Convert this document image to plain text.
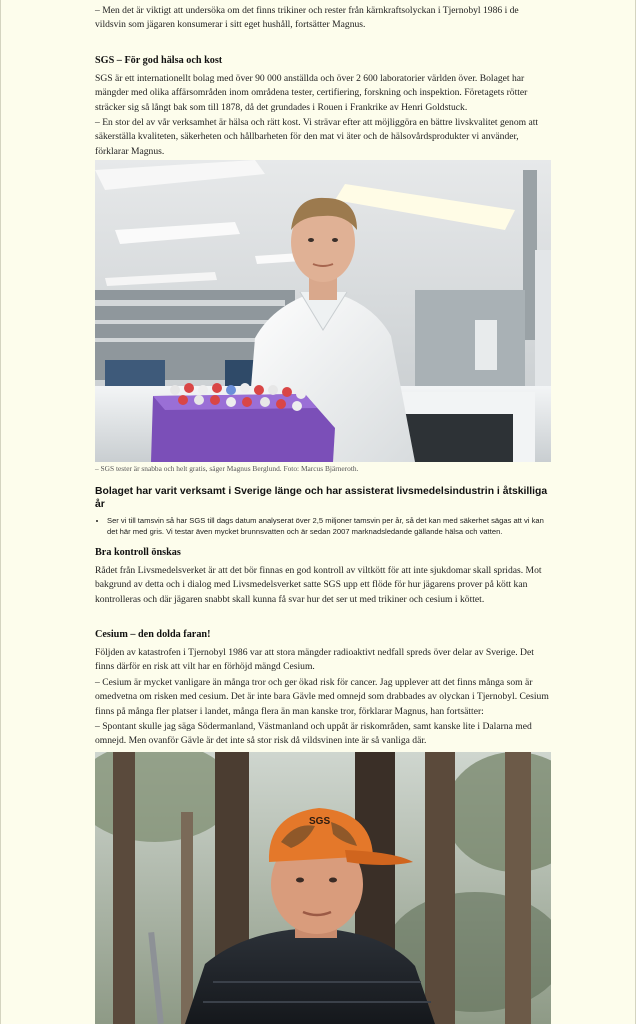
– Men det är viktigt att undersöka om det finns trikiner och rester från kärnkraftsolyckan i Tjernobyl 1986 i de vildsvin som jägaren konsumerar i sitt eget hushåll, fortsätter Magnus.

SGS – För god hälsa och kost

SGS är ett internationellt bolag med över 90 000 anställda och över 2 600 laboratorier världen över. Bolaget har mängder med olika affärsområden inom områdena tester, certifiering, forskning och inspektion. Företagets rötter sträcker sig så långt bak som till 1878, då det grundades i Rouen i Frankrike av Henri Goldstuck.

– En stor del av vår verksamhet är hälsa och rätt kost. Vi strävar efter att möjliggöra en bättre livskvalitet genom att säkerställa kvaliteten, säkerheten och hållbarheten för den mat vi äter och de hälsovårdsprodukter vi använder, förklarar Magnus.

– SGS tester är snabba och helt gratis, säger Magnus Berglund. Foto: Marcus Bjärneroth.

Bolaget har varit verksamt i Sverige länge och har assisterat livsmedelsindustrin i åtskilliga år

• Ser vi till tamsvin så har SGS till dags datum analyserat över 2,5 miljoner tamsvin per år, så det kan med säkerhet sägas att vi kan det här med gris. Vi testar även mycket brunnsvatten och är sedan 2007 marknadsledande gällande hälsa och vatten.
Bra kontroll önskas

Rådet från Livsmedelsverket är att det bör finnas en god kontroll av viltkött för att inte sjukdomar skall spridas. Mot bakgrund av detta och i dialog med Livsmedelsverket satte SGS upp ett flöde för hur jägarens prover på kött kan kontrolleras och där jägaren snabbt skall kunna få svar hur det ser ut med trikiner och cesium i köttet.

Cesium – den dolda faran!

Följden av katastrofen i Tjernobyl 1986 var att stora mängder radioaktivt nedfall spreds över delar av Sverige. Det finns därför en risk att vilt har en förhöjd mängd Cesium.

– Cesium är mycket vanligare än många tror och ger ökad risk för cancer. Jag upplever att det finns många som är omedvetna om risken med cesium. Det är inte bara Gävle med omnejd som drabbades av olyckan i Tjernobyl. Cesium finns på många fler platser i landet, många flera än man kanske tror, förklarar Magnus, han fortsätter:

– Spontant skulle jag säga Södermanland, Västmanland och uppåt är riskområden, samt kanske lite i Dalarna med omnejd. Men ovanför Gävle är det inte så stor risk då vildsvinen inte är så vanliga där.

SGS
